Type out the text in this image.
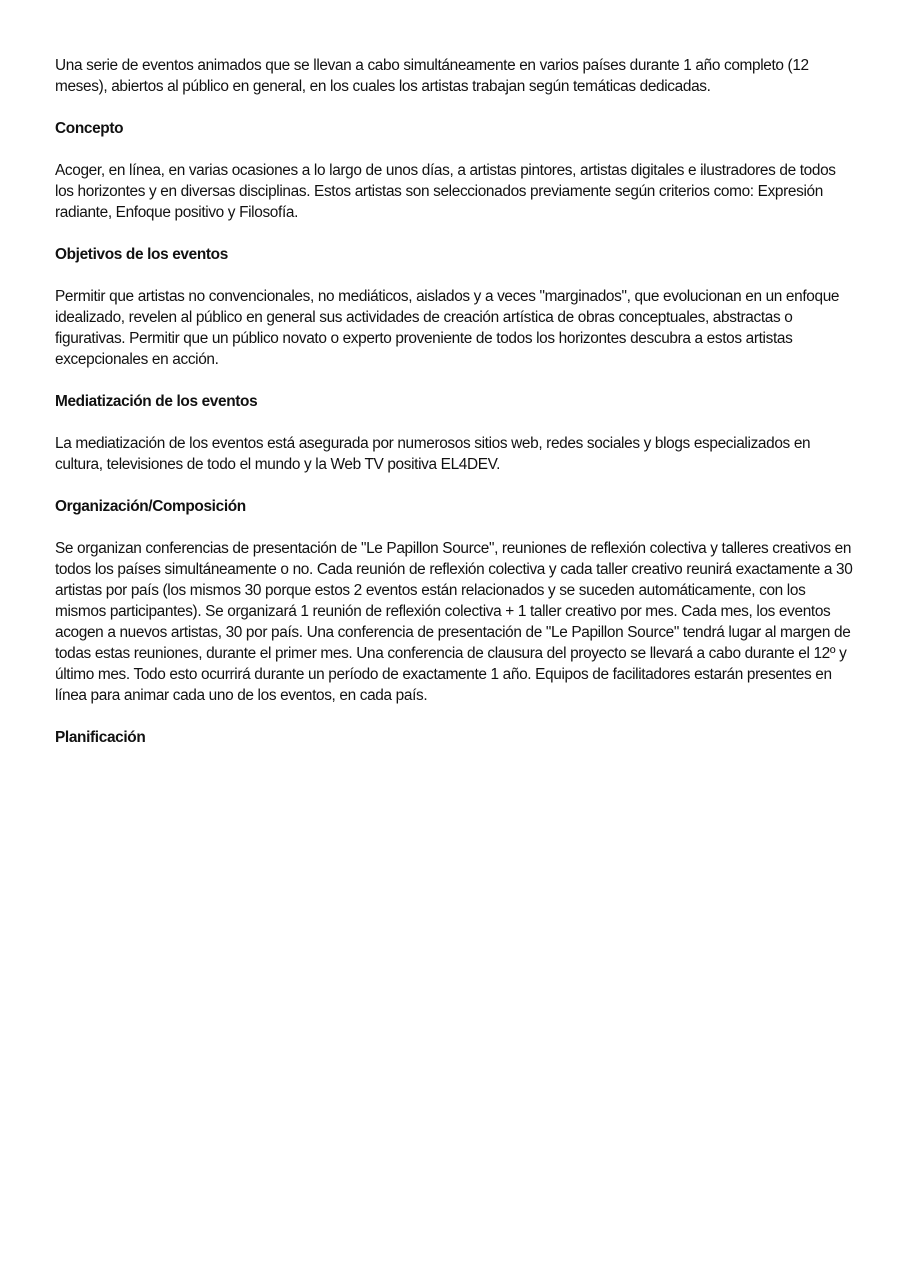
Una serie de eventos animados que se llevan a cabo simultáneamente en varios países durante 1 año completo (12 meses), abiertos al público en general, en los cuales los artistas trabajan según temáticas dedicadas.

Concepto

Acoger, en línea, en varias ocasiones a lo largo de unos días, a artistas pintores, artistas digitales e ilustradores de todos los horizontes y en diversas disciplinas. Estos artistas son seleccionados previamente según criterios como: Expresión radiante, Enfoque positivo y Filosofía.

Objetivos de los eventos

Permitir que artistas no convencionales, no mediáticos, aislados y a veces "marginados", que evolucionan en un enfoque idealizado, revelen al público en general sus actividades de creación artística de obras conceptuales, abstractas o figurativas. Permitir que un público novato o experto proveniente de todos los horizontes descubra a estos artistas excepcionales en acción.

Mediatización de los eventos

La mediatización de los eventos está asegurada por numerosos sitios web, redes sociales y blogs especializados en cultura, televisiones de todo el mundo y la Web TV positiva EL4DEV.

Organización/Composición

Se organizan conferencias de presentación de "Le Papillon Source", reuniones de reflexión colectiva y talleres creativos en todos los países simultáneamente o no. Cada reunión de reflexión colectiva y cada taller creativo reunirá exactamente a 30 artistas por país (los mismos 30 porque estos 2 eventos están relacionados y se suceden automáticamente, con los mismos participantes). Se organizará 1 reunión de reflexión colectiva + 1 taller creativo por mes. Cada mes, los eventos acogen a nuevos artistas, 30 por país. Una conferencia de presentación de "Le Papillon Source" tendrá lugar al margen de todas estas reuniones, durante el primer mes. Una conferencia de clausura del proyecto se llevará a cabo durante el 12º y último mes. Todo esto ocurrirá durante un período de exactamente 1 año. Equipos de facilitadores estarán presentes en línea para animar cada uno de los eventos, en cada país.

Planificación
